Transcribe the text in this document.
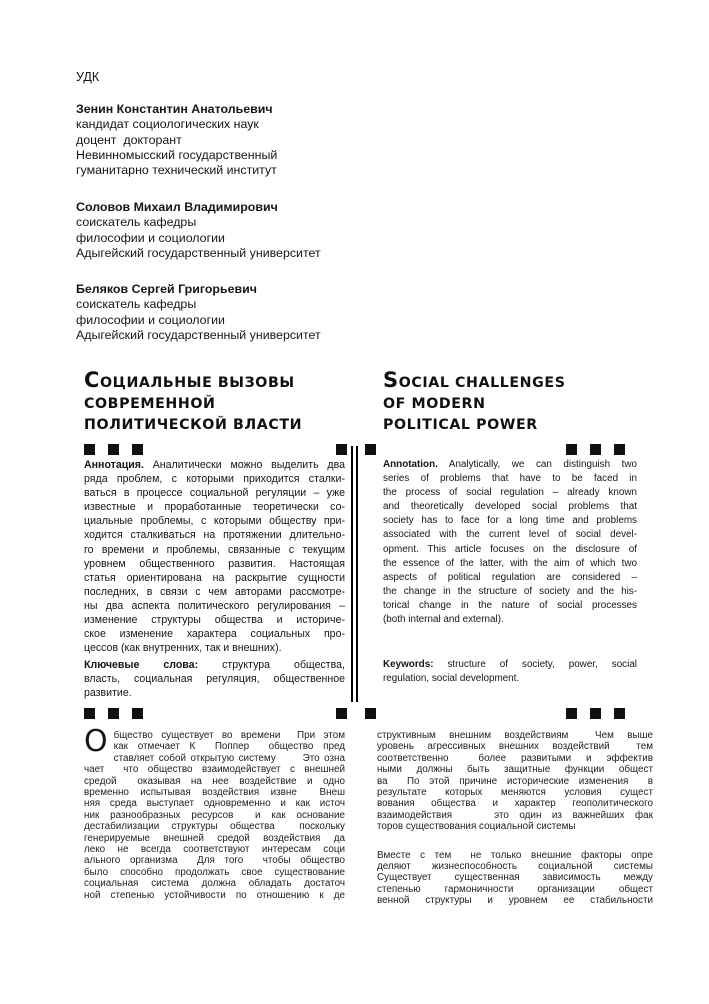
УДК
Зенин Константин Анатольевич
кандидат социологических наук
доцент  докторант
Невинномысский государственный
гуманитарно технический институт
Соловов Михаил Владимирович
соискатель кафедры
философии и социологии
Адыгейский государственный университет
Беляков Сергей Григорьевич
соискатель кафедры
философии и социологии
Адыгейский государственный университет
СОЦИАЛЬНЫЕ ВЫЗОВЫ
СОВРЕМЕННОЙ
ПОЛИТИЧЕСКОЙ ВЛАСТИ
SOCIAL CHALLENGES
OF MODERN
POLITICAL POWER
Аннотация. Аналитически можно выделить два
ряда проблем, с которыми приходится сталки-
ваться в процессе социальной регуляции – уже
известные и проработанные теоретически со-
циальные проблемы, с которыми обществу при-
ходится сталкиваться на протяжении длительно-
го времени и проблемы, связанные с текущим
уровнем общественного развития. Настоящая
статья ориентирована на раскрытие сущности
последних, в связи с чем авторами рассмотре-
ны два аспекта политического регулирования –
изменение структуры общества и историче-
ское изменение характера социальных про-
цессов (как внутренних, так и внешних).
Annotation. Analytically, we can distinguish two
series of problems that have to be faced in
the process of social regulation – already known
and theoretically developed social problems that
society has to face for a long time and problems
associated with the current level of social devel-
opment. This article focuses on the disclosure of
the essence of the latter, with the aim of which two
aspects of political regulation are considered –
the change in the structure of society and the his-
torical change in the nature of social processes
(both internal and external).
Ключевые слова: структура общества,
власть, социальная регуляция, общественное
развитие.
Keywords: structure of society, power, social
regulation, social development.
О бщество существует во времени  При этом
как отмечает К  Поппер  общество пред
ставляет собой открытую систему      Это озна
чает  что общество взаимодействует с внешней
средой  оказывая на нее воздействие и одно
временно испытывая воздействия извне  Внеш
няя среда выступает одновременно и как источ
ник разнообразных ресурсов  и как основание
дестабилизации структуры общества  поскольку
генерируемые внешней средой воздействия да
леко не всегда соответствуют интересам соци
ального организма  Для того  чтобы общество
было способно продолжать свое существование
социальная система должна обладать достаточ
ной степенью устойчивости по отношению к де
структивным внешним воздействиям  Чем выше
уровень агрессивных внешних воздействий  тем
соответственно  более развитыми и эффектив
ными должны быть защитные функции общест
ва  По этой причине исторические изменения  в
результате которых меняются условия сущест
вования общества и характер геополитического
взаимодействия    это один из важнейших фак
торов существования социальной системы
Вместе с тем  не только внешние факторы опре
деляют жизнеспособность социальной системы
Существует существенная зависимость между
степенью гармоничности организации общест
венной структуры и уровнем ее стабильности
